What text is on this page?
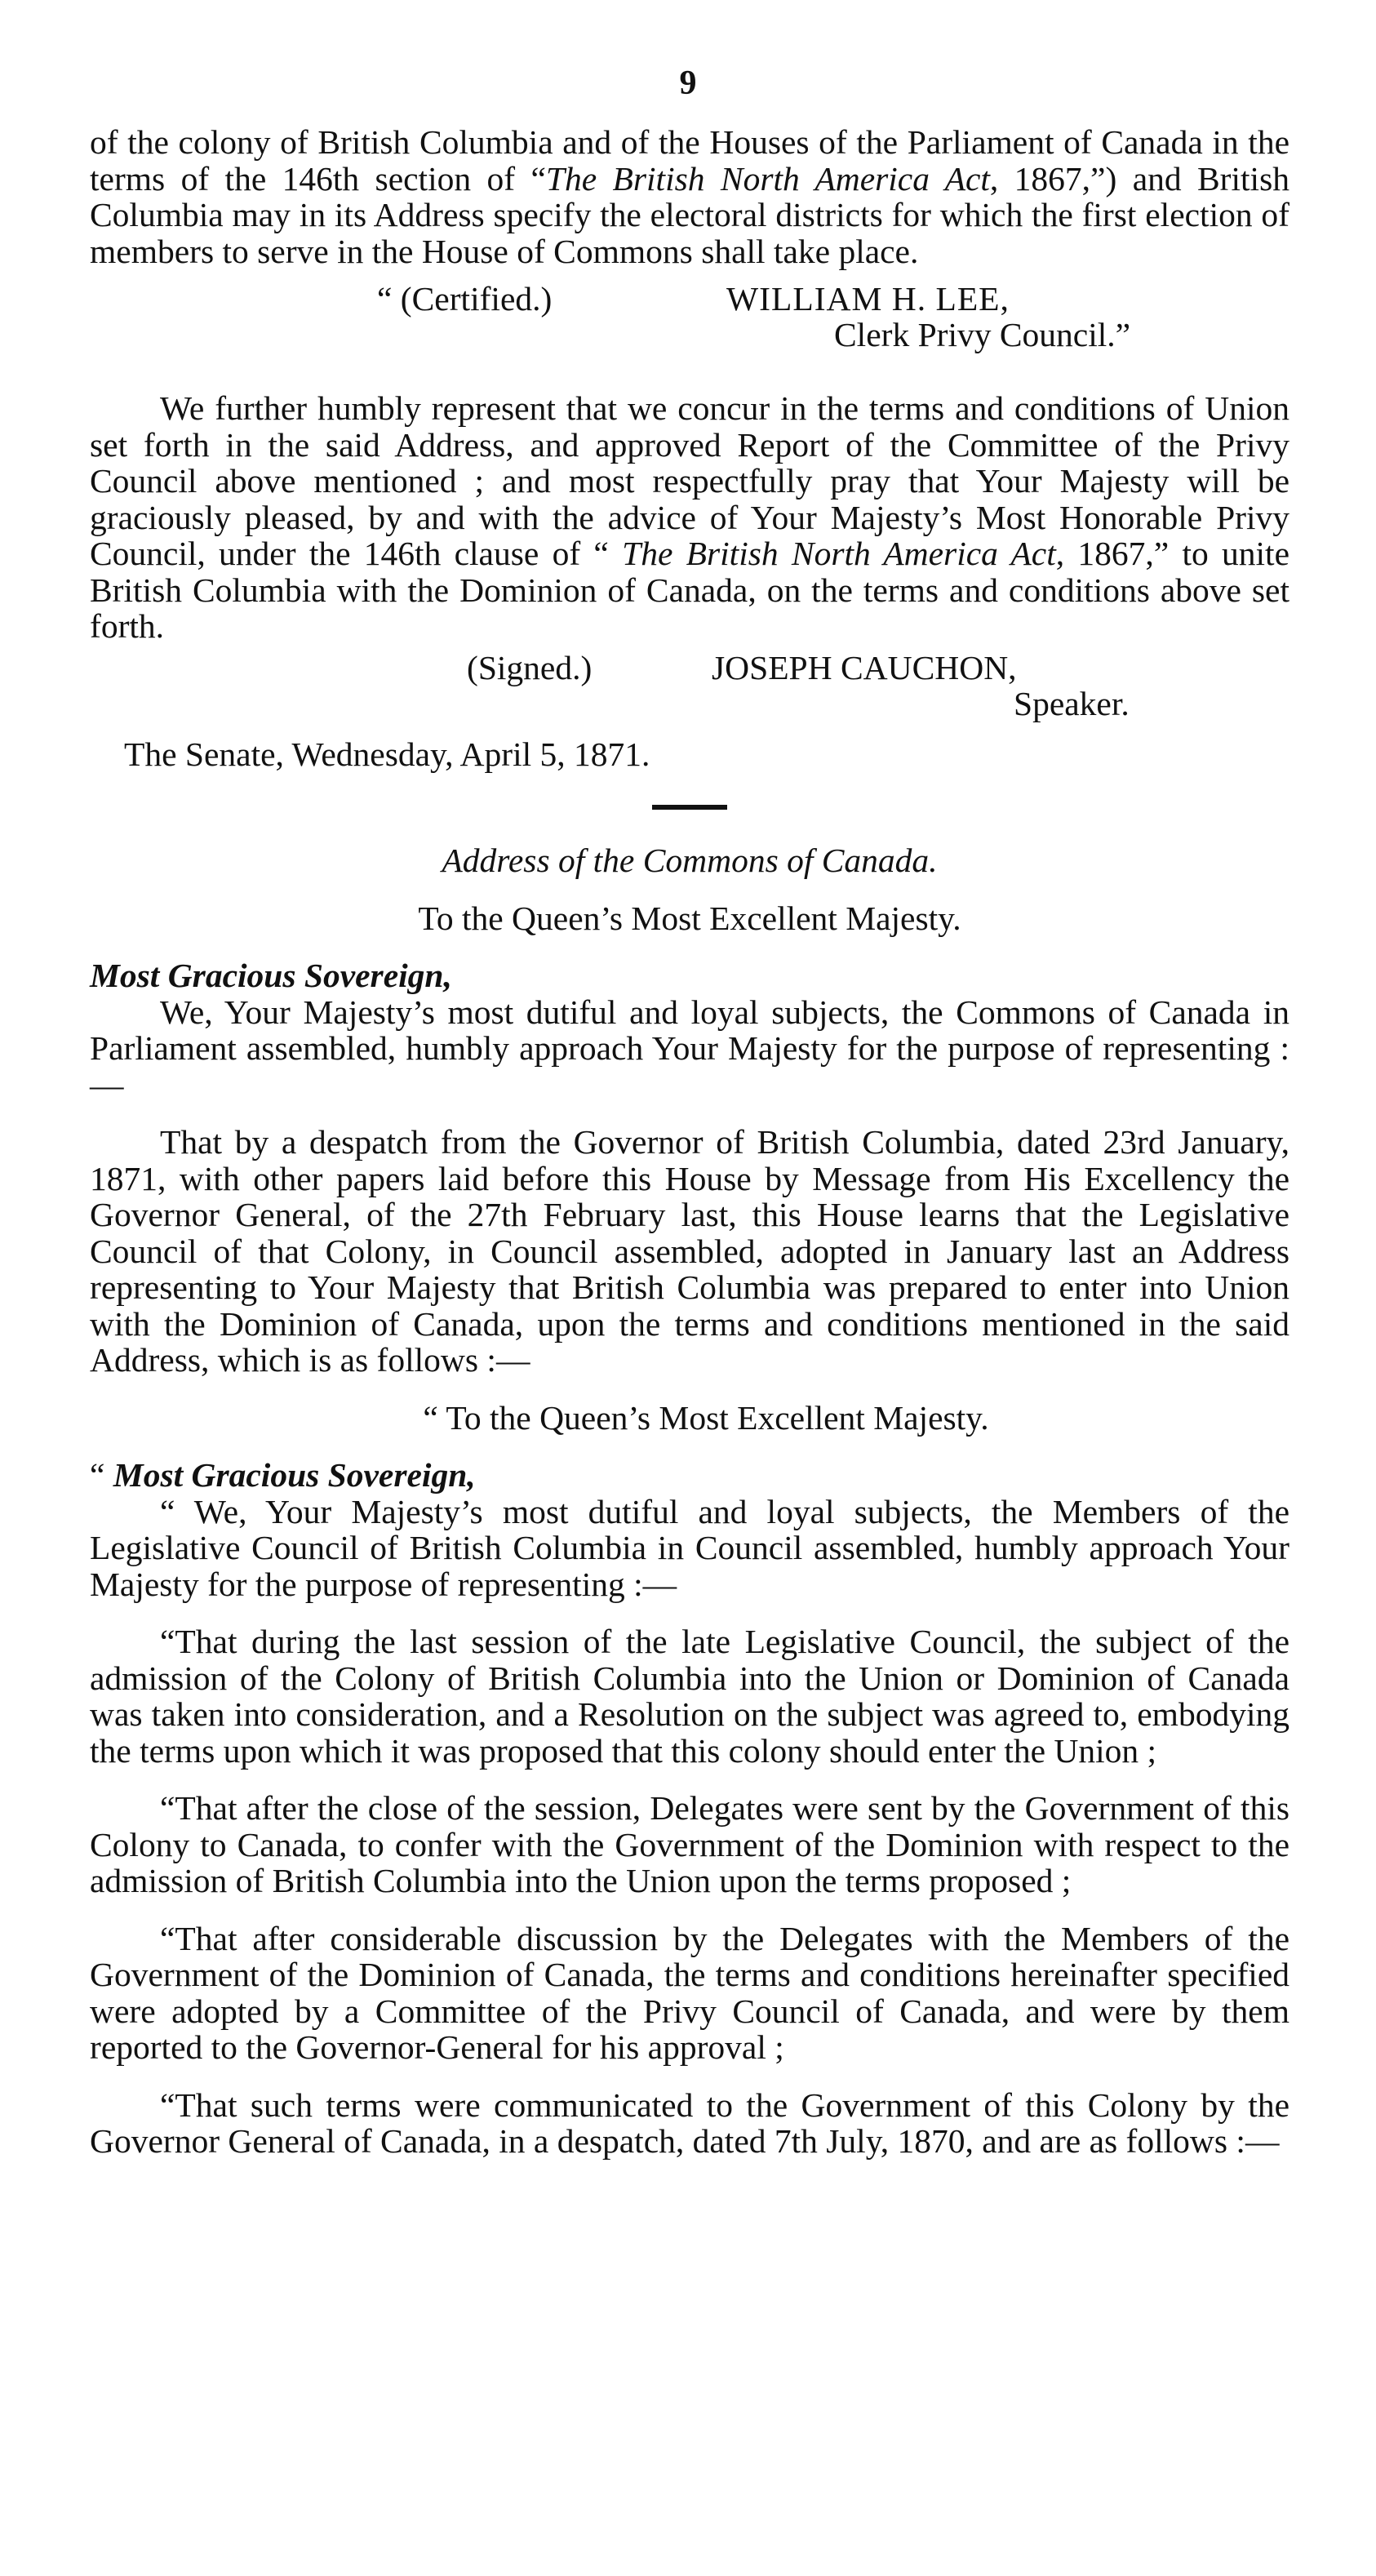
9

of the colony of British Columbia and of the Houses of the Parliament of Canada in the terms of the 146th section of “The British North America Act, 1867,”) and British Columbia may in its Address specify the electoral districts for which the first election of members to serve in the House of Commons shall take place.

“ (Certified.)	WILLIAM H. LEE,
Clerk Privy Council.”

We further humbly represent that we concur in the terms and conditions of Union set forth in the said Address, and approved Report of the Committee of the Privy Council above mentioned ; and most respectfully pray that Your Majesty will be graciously pleased, by and with the advice of Your Majesty’s Most Honorable Privy Council, under the 146th clause of “ The British North America Act, 1867,” to unite British Columbia with the Dominion of Canada, on the terms and conditions above set forth.

(Signed.)	JOSEPH CAUCHON,
Speaker.

The Senate, Wednesday, April 5, 1871.

Address of the Commons of Canada.

To the Queen’s Most Excellent Majesty.

Most Gracious Sovereign,

We, Your Majesty’s most dutiful and loyal subjects, the Commons of Canada in Parliament assembled, humbly approach Your Majesty for the purpose of representing :—

That by a despatch from the Governor of British Columbia, dated 23rd January, 1871, with other papers laid before this House by Message from His Excellency the Governor General, of the 27th February last, this House learns that the Legislative Council of that Colony, in Council assembled, adopted in January last an Address representing to Your Majesty that British Columbia was prepared to enter into Union with the Dominion of Canada, upon the terms and conditions mentioned in the said Address, which is as follows :—

“ To the Queen’s Most Excellent Majesty.

“ Most Gracious Sovereign,

“ We, Your Majesty’s most dutiful and loyal subjects, the Members of the Legislative Council of British Columbia in Council assembled, humbly approach Your Majesty for the purpose of representing :—

“That during the last session of the late Legislative Council, the subject of the admission of the Colony of British Columbia into the Union or Dominion of Canada was taken into consideration, and a Resolution on the subject was agreed to, embodying the terms upon which it was proposed that this colony should enter the Union ;

“That after the close of the session, Delegates were sent by the Government of this Colony to Canada, to confer with the Government of the Dominion with respect to the admission of British Columbia into the Union upon the terms proposed ;

“That after considerable discussion by the Delegates with the Members of the Government of the Dominion of Canada, the terms and conditions hereinafter specified were adopted by a Committee of the Privy Council of Canada, and were by them reported to the Governor-General for his approval ;

“That such terms were communicated to the Government of this Colony by the Governor General of Canada, in a despatch, dated 7th July, 1870, and are as follows :—
